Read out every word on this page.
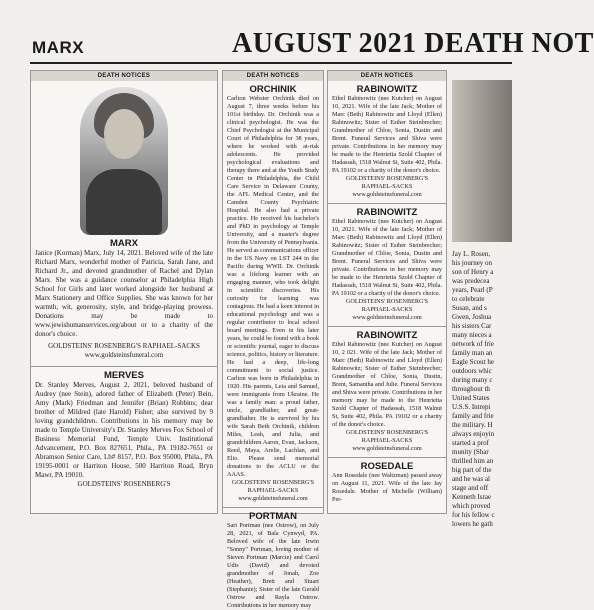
MARX	AUGUST 2021 DEATH NOT
DEATH NOTICES
MARX
Janice (Korman) Marx, July 14, 2021. Beloved wife of the late Richard Marx, wonderful mother of Patricia, Sarah Jane, and Richard Jr., and devoted grandmother of Rachel and Dylan Marx. She was a guidance counselor at Philadelphia High School for Girls and later worked alongside her husband at Marx Stationery and Office Supplies. She was known for her warmth, wit, generosity, style, and bridge-playing prowess. Donations may be made to www.jewishumanservices.org/about or to a charity of the donor's choice.
GOLDSTEINS' ROSENBERG'S RAPHAEL-SACKS www.goldsteinsfuneral.com
MERVES
Dr. Stanley Merves, August 2, 2021, beloved husband of Audrey (nee Stein), adored father of Elizabeth (Peter) Bein, Amy (Mark) Friedman and Jennifer (Brian) Robbins; dear brother of Mildred (late Harold) Fisher; also survived by 9 loving grandchildren. Contributions in his memory may be made to Temple University's Dr. Stanley Merves Fox School of Business Memorial Fund, Temple Univ. Institutional Advancement, P.O. Box 827651, Phila., PA 19182-7651 or Abramson Senior Care, Lb# 8157, P.O. Box 95000, Phila., PA 19195-0001 or Harriton House, 500 Harriton Road, Bryn Mawr, PA 19010.
GOLDSTEINS' ROSENBERG'S
DEATH NOTICES
ORCHINIK
Carlton Webster Orchinik died on August 7, three weeks before his 101st birthday. Dr. Orchinik was a clinical psychologist. He was the Chief Psychologist at the Municipal Court of Philadelphia for 38 years, where he worked with at-risk adolescents. He provided psychological evaluations and therapy there and at the Youth Study Center in Philadelphia, the Child Care Service in Delaware County, the AFL Medical Center, and the Camden County Psychiatric Hospital. He also had a private practice. He received his bachelor's and PhD in psychology at Temple University, and a master's degree from the University of Pennsylvania. He served as communications officer in the US Navy on LST 244 in the Pacific during WWII. Dr. Orchinik was a lifelong learner with an engaging manner, who took delight in scientific discoveries. His curiosity for learning was contagious. He had a keen interest in educational psychology and was a regular contributor to local school board meetings. Even in his later years, he could be found with a book or scientific journal, eager to discuss science, politics, history or literature. He had a deep, life-long commitment to social justice. Carlton was born in Philadelphia in 1920. His parents, Leia and Samuel, were immigrants from Ukraine. He was a family man: a proud father, uncle, grandfather, and great-grandfather. He is survived by his wife Sarah Beth Orchinik, children Miles, Leah, and Julia, and grandchildren Aaron, Evan, Jackson, Reed, Maya, Arelie, Lachlan, and Elio. Please send memorial donations to the ACLU or the AAAS.
GOLDSTEINS' ROSENBERG'S RAPHAEL-SACKS www.goldsteinsfuneral.com
PORTMAN
Sari Portman (nee Ostrow), on July 28, 2021, of Bala Cynwyd, PA. Beloved wife of the late Irwin "Sonny" Portman, loving mother of Steven Portman (Marcie) and Carol Udis (David) and devoted grandmother of Jonah, Zoe (Heather), Brett and Stuart (Stephanie); Sister of the late Gerald Ostrow and Rayla Ostrow. Contributions in her memory may
DEATH NOTICES
RABINOWITZ
Ethel Rabinowitz (nee Kutcher) on August 10, 2021. Wife of the late Jack; Mother of Marc (Beth) Rabinowitz and Lloyd (Ellen) Rabinowitz; Sister of Esther Steinbrecher; Grandmother of Chloe, Sonia, Dustin and Brent. Funeral Services and Shiva were private. Contributions in her memory may be made to the Henrietta Szold Chapter of Hadassah, 1518 Walnut St, Suite 402, Phila. PA 19102 or a charity of the donor's choice.
GOLDSTEINS' ROSENBERG'S RAPHAEL-SACKS www.goldsteinsfuneral.com
RABINOWITZ
Ethel Rabinowitz (nee Kutcher) on August 10, 2021. Wife of the late Jack; Mother of Marc (Beth) Rabinowitz and Lloyd (Ellen) Rabinowitz; Sister of Esther Steinbrecher; Grandmother of Chloe, Sonia, Dustin and Brent. Funeral Services and Shiva were private. Contributions in her memory may be made to the Henrietta Szold Chapter of Hadassah, 1518 Walnut St, Suite 402, Phila. PA 19102 or a charity of the donor's choice.
GOLDSTEINS' ROSENBERG'S RAPHAEL-SACKS www.goldsteinsfuneral.com
RABINOWITZ
Ethel Rabinowitz (nee Kutcher) on August 10, 2 021. Wife of the late Jack; Mother of Marc (Beth) Rabinowitz and Lloyd (Ellen) Rabinowitz; Sister of Esther Steinbrecher; Grandmother of Chloe, Sonia, Dustin, Brent, Samantha and Julie. Funeral Services and Shiva were private. Contributions in her memory may be made to the Henrietta Szold Chapter of Hadassah, 1518 Walnut St, Suite 402, Phila. PA 19102 or a charity of the donor's choice.
GOLDSTEINS' ROSENBERG'S RAPHAEL-SACKS www.goldsteinsfuneral.com
ROSEDALE
Ann Rosedale (nee Waltzman) passed away on August 11, 2021. Wife of the late Jay Rosedale. Mother of Michelle (William) Per-
Jay L. Rosen,
his journey on
son of Henry a
was predecea
years, Pearl (P
to celebrate
Susan, and s
Gwen, Joshua
his sisters Car
many nieces a
network of frie
family man an
Eagle Scout he
outdoors whic
during many c
throughout th
United States
U.S.S. Intrepi
family and frie
the military. H
always enjoyin
started a prof
munity (Shar
thrilled him an
big part of the
and he was al
stage and off
Kenneth Israe
which proved
for his fellow c
lowers he gath
